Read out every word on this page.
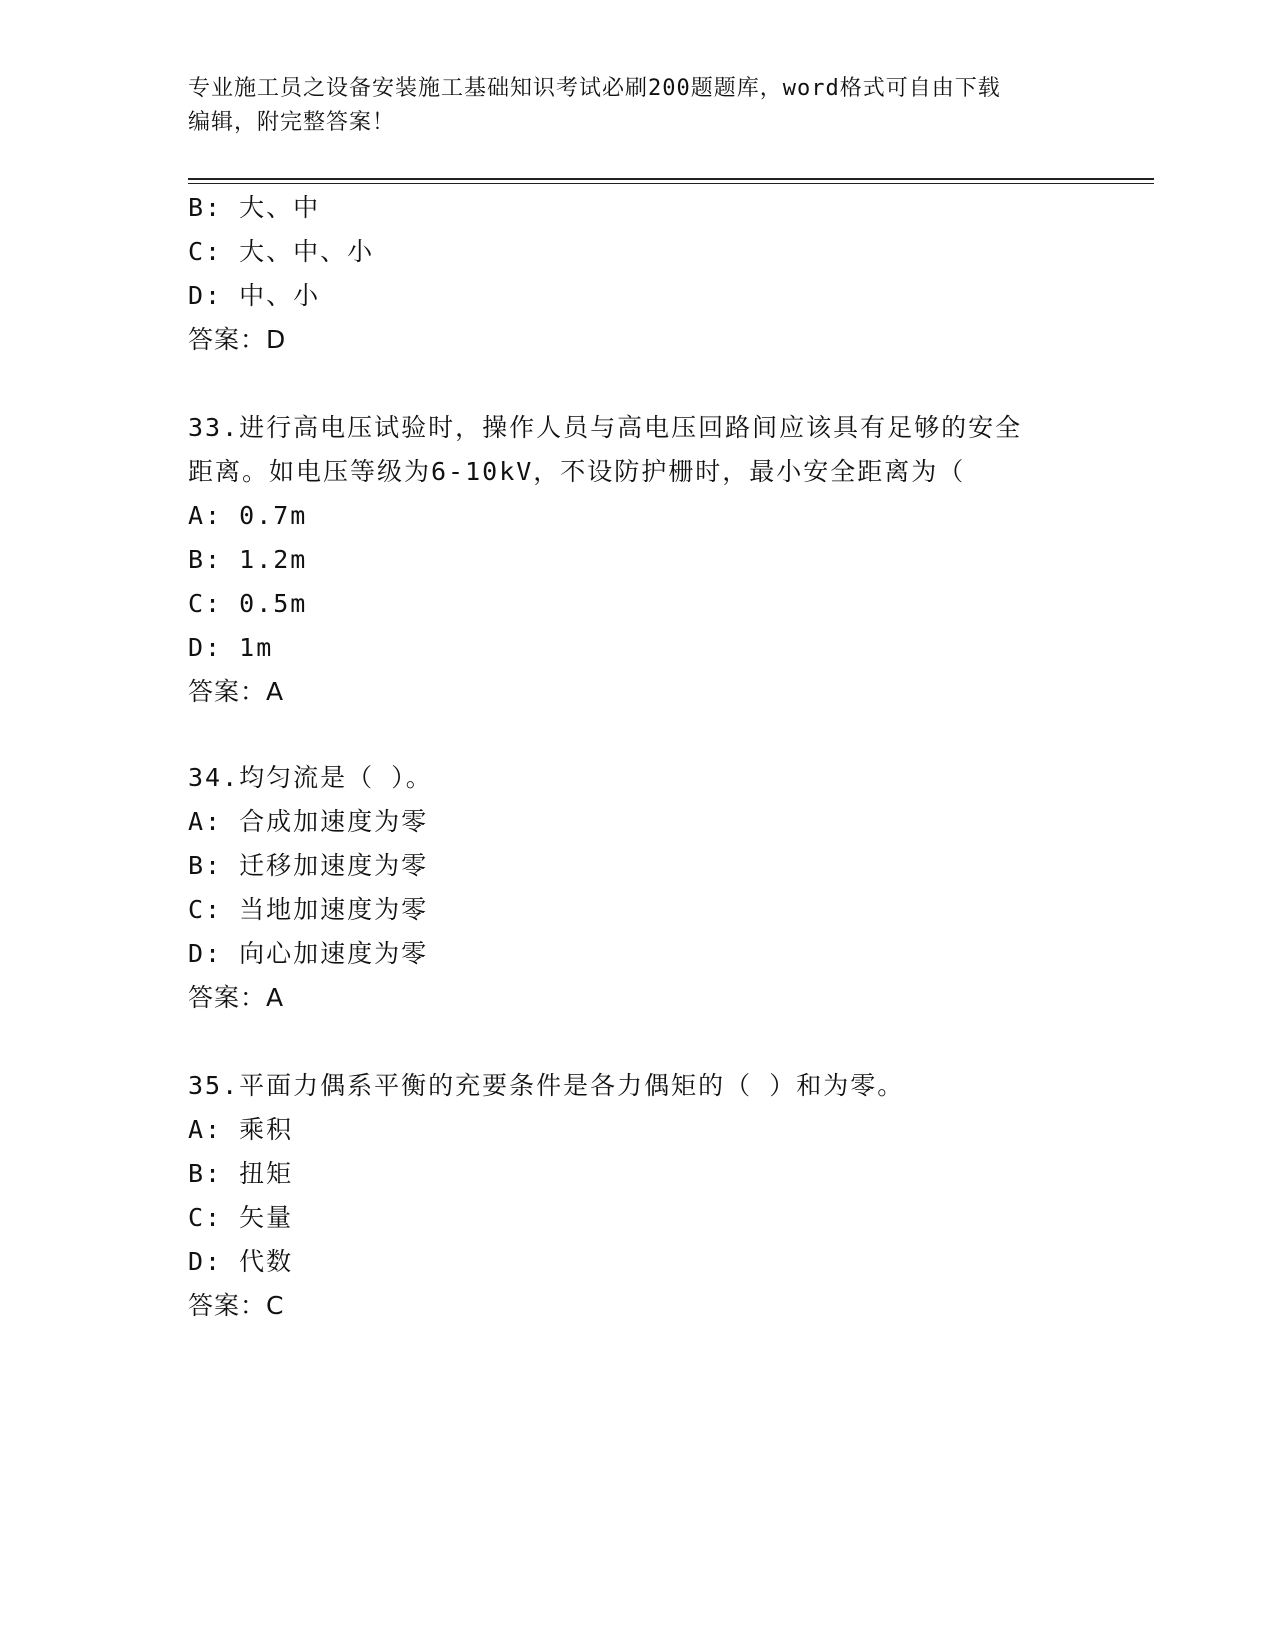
专业施工员之设备安装施工基础知识考试必刷200题题库，word格式可自由下载
编辑，附完整答案！
B: 大、中
C: 大、中、小
D: 中、小
答案：D
33.进行高电压试验时，操作人员与高电压回路间应该具有足够的安全
距离。如电压等级为6-10kV，不设防护栅时，最小安全距离为（
A: 0.7m
B: 1.2m
C: 0.5m
D: 1m
答案：A
34.均匀流是（ ）。
A: 合成加速度为零
B: 迁移加速度为零
C: 当地加速度为零
D: 向心加速度为零
答案：A
35.平面力偶系平衡的充要条件是各力偶矩的（ ）和为零。
A: 乘积
B: 扭矩
C: 矢量
D: 代数
答案：C
